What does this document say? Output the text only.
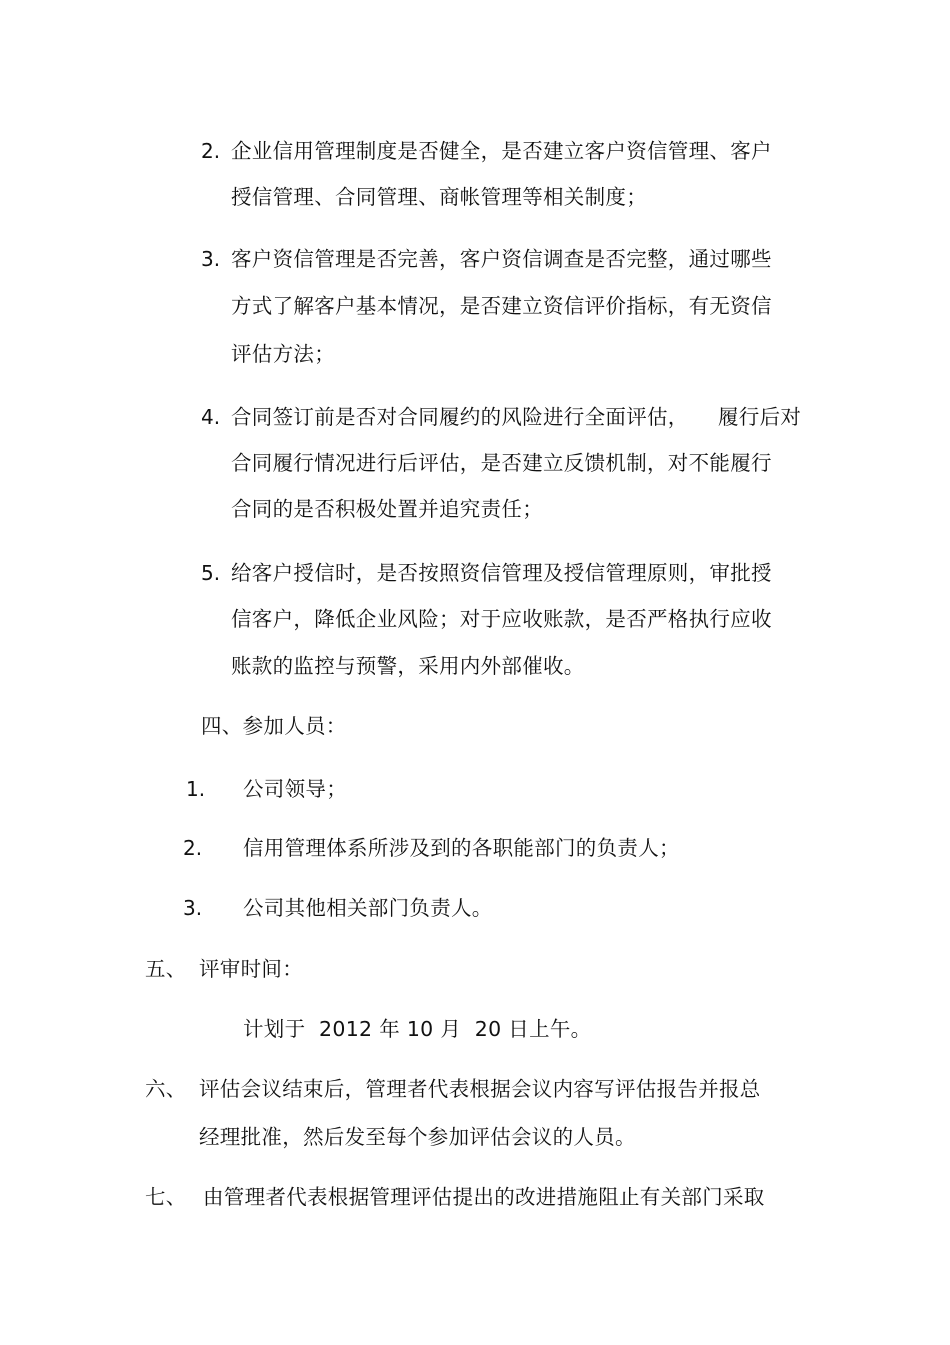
2. 企业信用管理制度是否健全，是否建立客户资信管理、客户
授信管理、合同管理、商帐管理等相关制度；
3. 客户资信管理是否完善，客户资信调查是否完整，通过哪些
方式了解客户基本情况，是否建立资信评价指标，有无资信
评估方法；
4. 合同签订前是否对合同履约的风险进行全面评估， 履行后对
合同履行情况进行后评估，是否建立反馈机制，对不能履行
合同的是否积极处置并追究责任；
5. 给客户授信时，是否按照资信管理及授信管理原则，审批授
信客户，降低企业风险；对于应收账款，是否严格执行应收
账款的监控与预警，采用内外部催收。
四、参加人员：
1. 公司领导；
2. 信用管理体系所涉及到的各职能部门的负责人；
3. 公司其他相关部门负责人。
五、 评审时间：
计划于  2012 年 10 月  20 日上午。
六、 评估会议结束后，管理者代表根据会议内容写评估报告并报总
经理批准，然后发至每个参加评估会议的人员。
七、 由管理者代表根据管理评估提出的改进措施阻止有关部门采取
